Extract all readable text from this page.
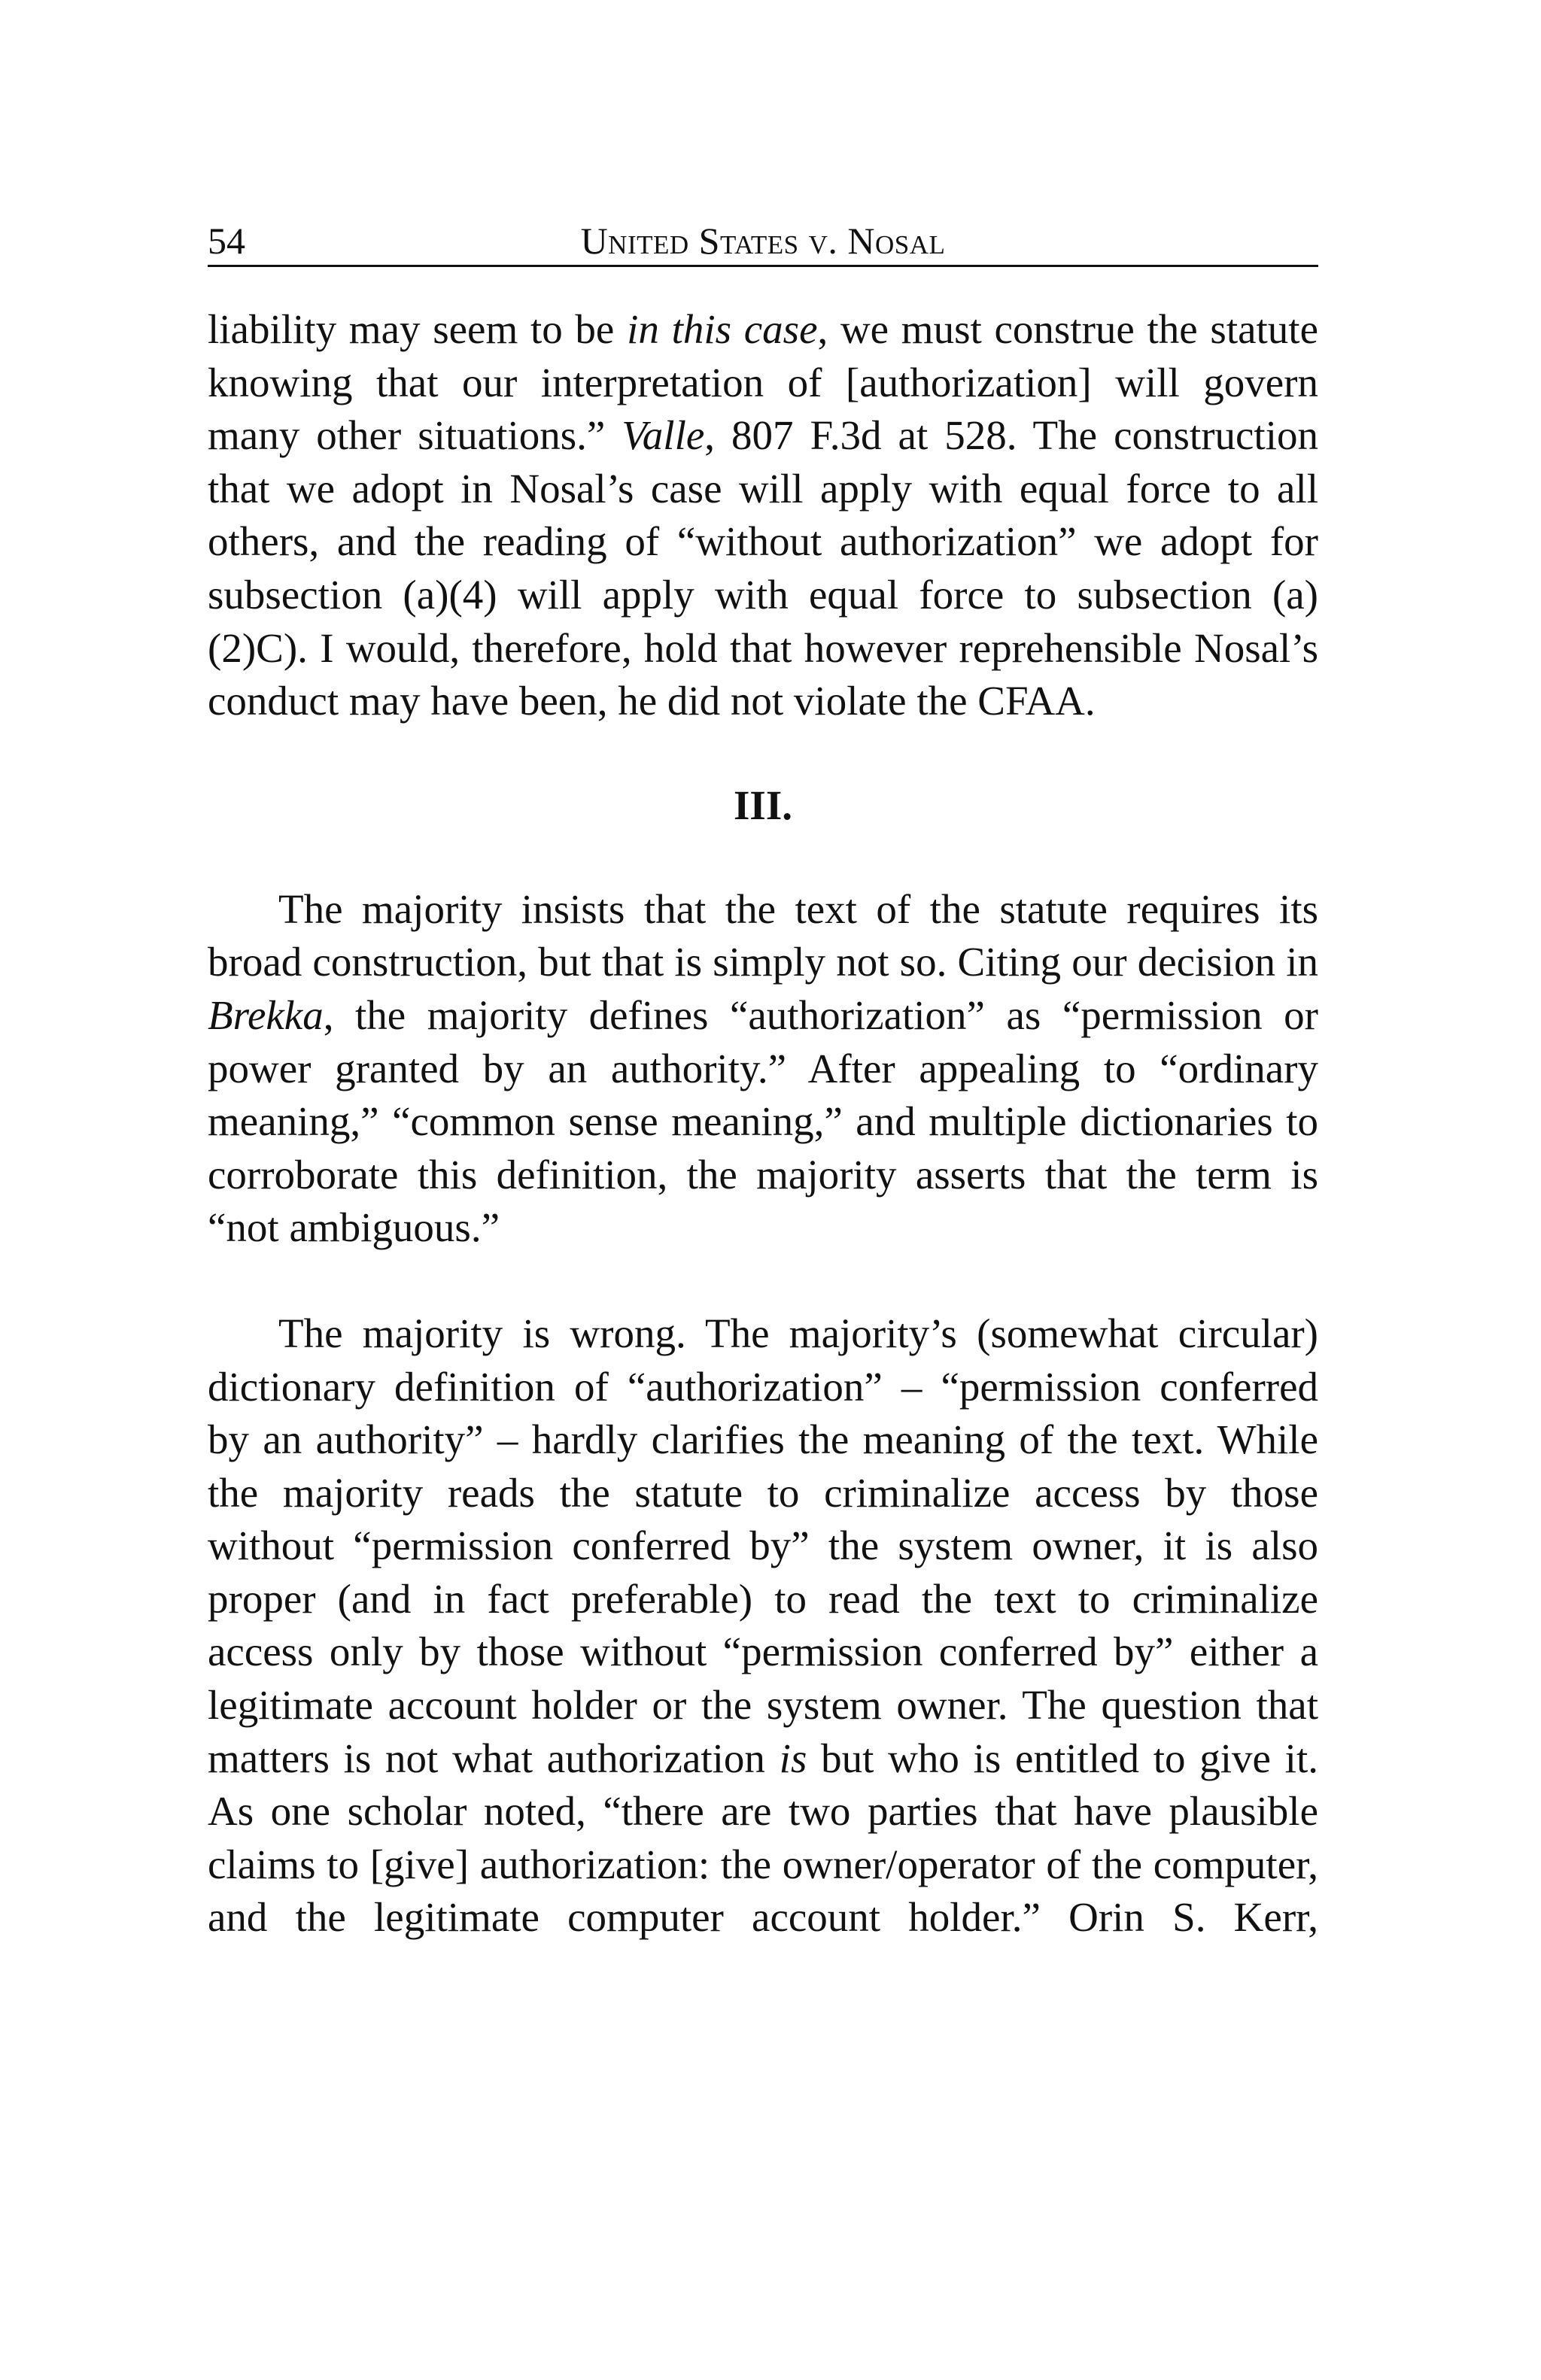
54	United States v. Nosal

liability may seem to be in this case, we must construe the statute knowing that our interpretation of [authorization] will govern many other situations.” Valle, 807 F.3d at 528. The construction that we adopt in Nosal’s case will apply with equal force to all others, and the reading of “without authorization” we adopt for subsection (a)(4) will apply with equal force to subsection (a)(2)C). I would, therefore, hold that however reprehensible Nosal’s conduct may have been, he did not violate the CFAA.

III.

The majority insists that the text of the statute requires its broad construction, but that is simply not so. Citing our decision in Brekka, the majority defines “authorization” as “permission or power granted by an authority.” After appealing to “ordinary meaning,” “common sense meaning,” and multiple dictionaries to corroborate this definition, the majority asserts that the term is “not ambiguous.”

The majority is wrong. The majority’s (somewhat circular) dictionary definition of “authorization” – “permission conferred by an authority” – hardly clarifies the meaning of the text. While the majority reads the statute to criminalize access by those without “permission conferred by” the system owner, it is also proper (and in fact preferable) to read the text to criminalize access only by those without “permission conferred by” either a legitimate account holder or the system owner. The question that matters is not what authorization is but who is entitled to give it. As one scholar noted, “there are two parties that have plausible claims to [give] authorization: the owner/operator of the computer, and the legitimate computer account holder.” Orin S. Kerr,
